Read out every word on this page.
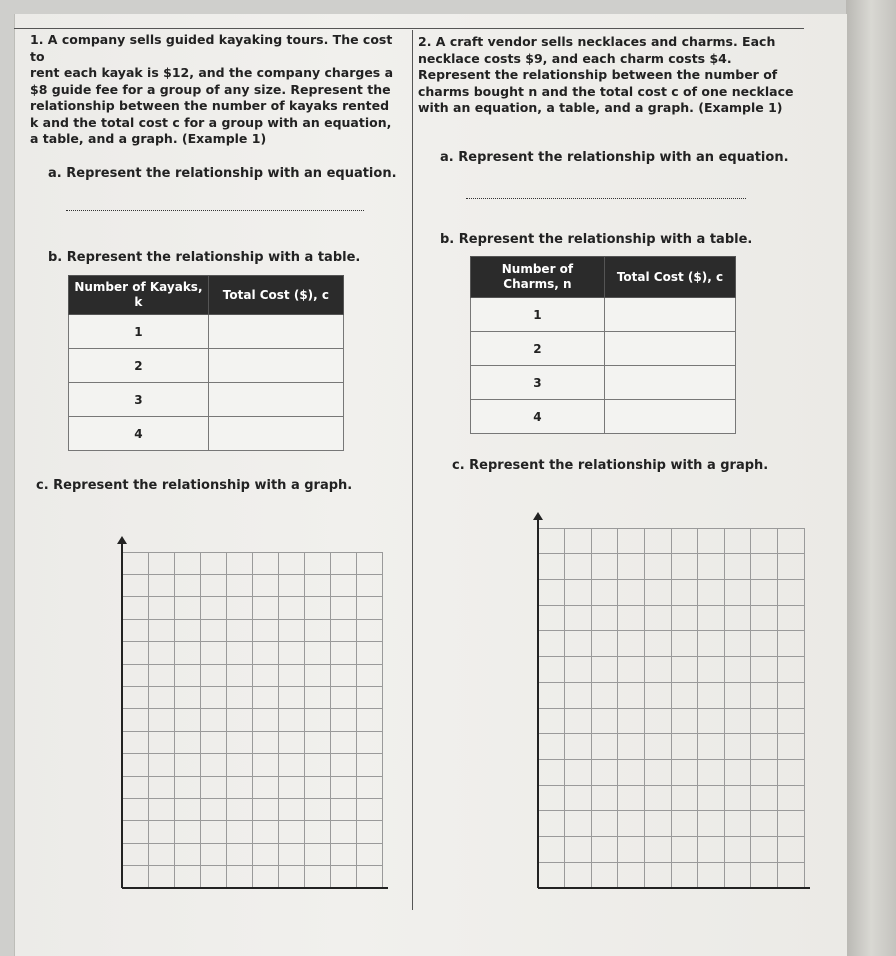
1. A company sells guided kayaking tours. The cost to
rent each kayak is $12, and the company charges a
$8 guide fee for a group of any size. Represent the
relationship between the number of kayaks rented
k and the total cost c for a group with an equation,
a table, and a graph. (Example 1)
a. Represent the relationship with an equation.
b. Represent the relationship with a table.
Number of Kayaks, k	Total Cost ($), c
1	
2	
3	
4	
c. Represent the relationship with a graph.
2. A craft vendor sells necklaces and charms. Each
necklace costs $9, and each charm costs $4.
Represent the relationship between the number of
charms bought n and the total cost c of one necklace
with an equation, a table, and a graph. (Example 1)
a. Represent the relationship with an equation.
b. Represent the relationship with a table.
Number of Charms, n	Total Cost ($), c
1	
2	
3	
4	
c. Represent the relationship with a graph.
